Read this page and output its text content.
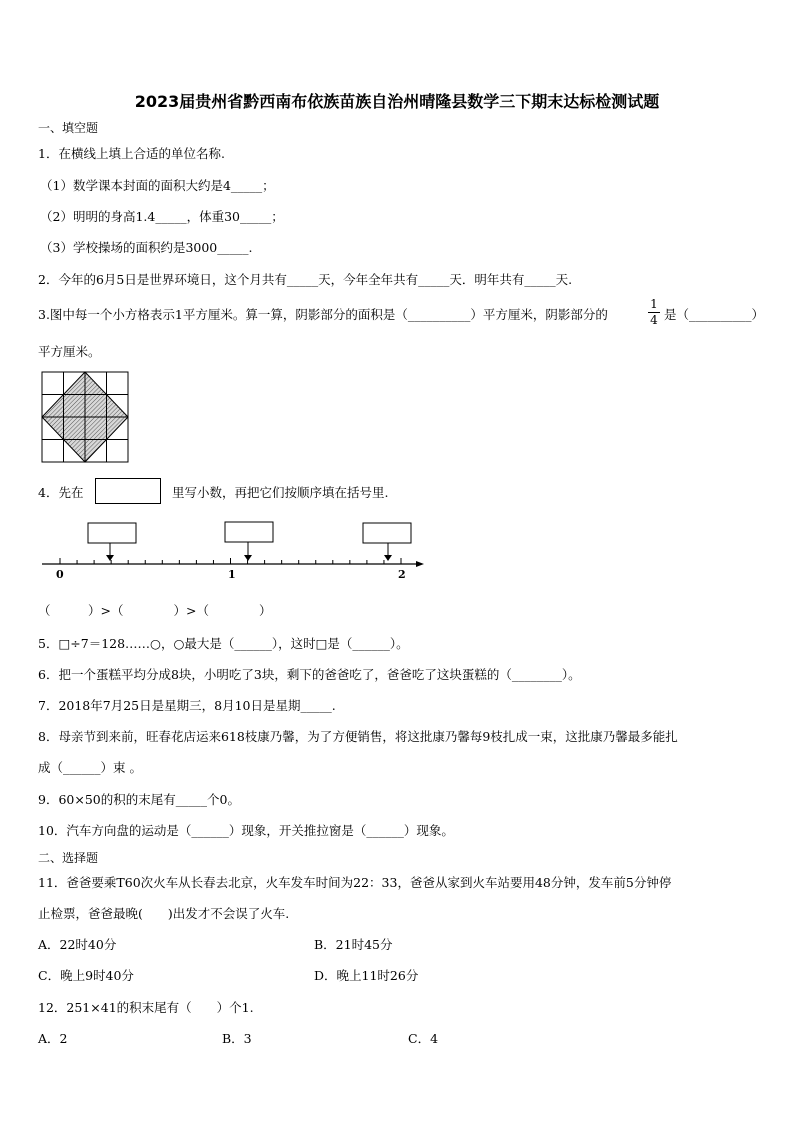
2023届贵州省黔西南布依族苗族自治州晴隆县数学三下期末达标检测试题
一、填空题
1．在横线上填上合适的单位名称.
（1）数学课本封面的面积大约是4_____；
（2）明明的身高1.4_____，体重30_____；
（3）学校操场的面积约是3000_____.
2．今年的6月5日是世界环境日，这个月共有_____天，今年全年共有_____天．明年共有_____天.
3.图中每一个小方格表示1平方厘米。算一算，阴影部分的面积是（__________）平方厘米，阴影部分的
1
4 是（__________）
平方厘米。
4．先在	里写小数，再把它们按顺序填在括号里.
0	1	2
（　　　）>（　　　　）>（　　　　）
5．□÷7＝128……○，○最大是（______），这时□是（______）。
6．把一个蛋糕平均分成8块，小明吃了3块，剩下的爸爸吃了，爸爸吃了这块蛋糕的（________）。
7．2018年7月25日是星期三，8月10日是星期_____.
8．母亲节到来前，旺春花店运来618枝康乃馨，为了方便销售，将这批康乃馨每9枝扎成一束，这批康乃馨最多能扎
成（______）束 。
9．60×50的积的末尾有_____个0。
10．汽车方向盘的运动是（______）现象，开关推拉窗是（______）现象。
二、选择题
11．爸爸要乘T60次火车从长春去北京，火车发车时间为22：33，爸爸从家到火车站要用48分钟，发车前5分钟停
止检票，爸爸最晚(　　)出发才不会误了火车.
A．22时40分	B．21时45分
C．晚上9时40分	D．晚上11时26分
12．251×41的积末尾有（　　）个1.
A．2	B．3	C．4
